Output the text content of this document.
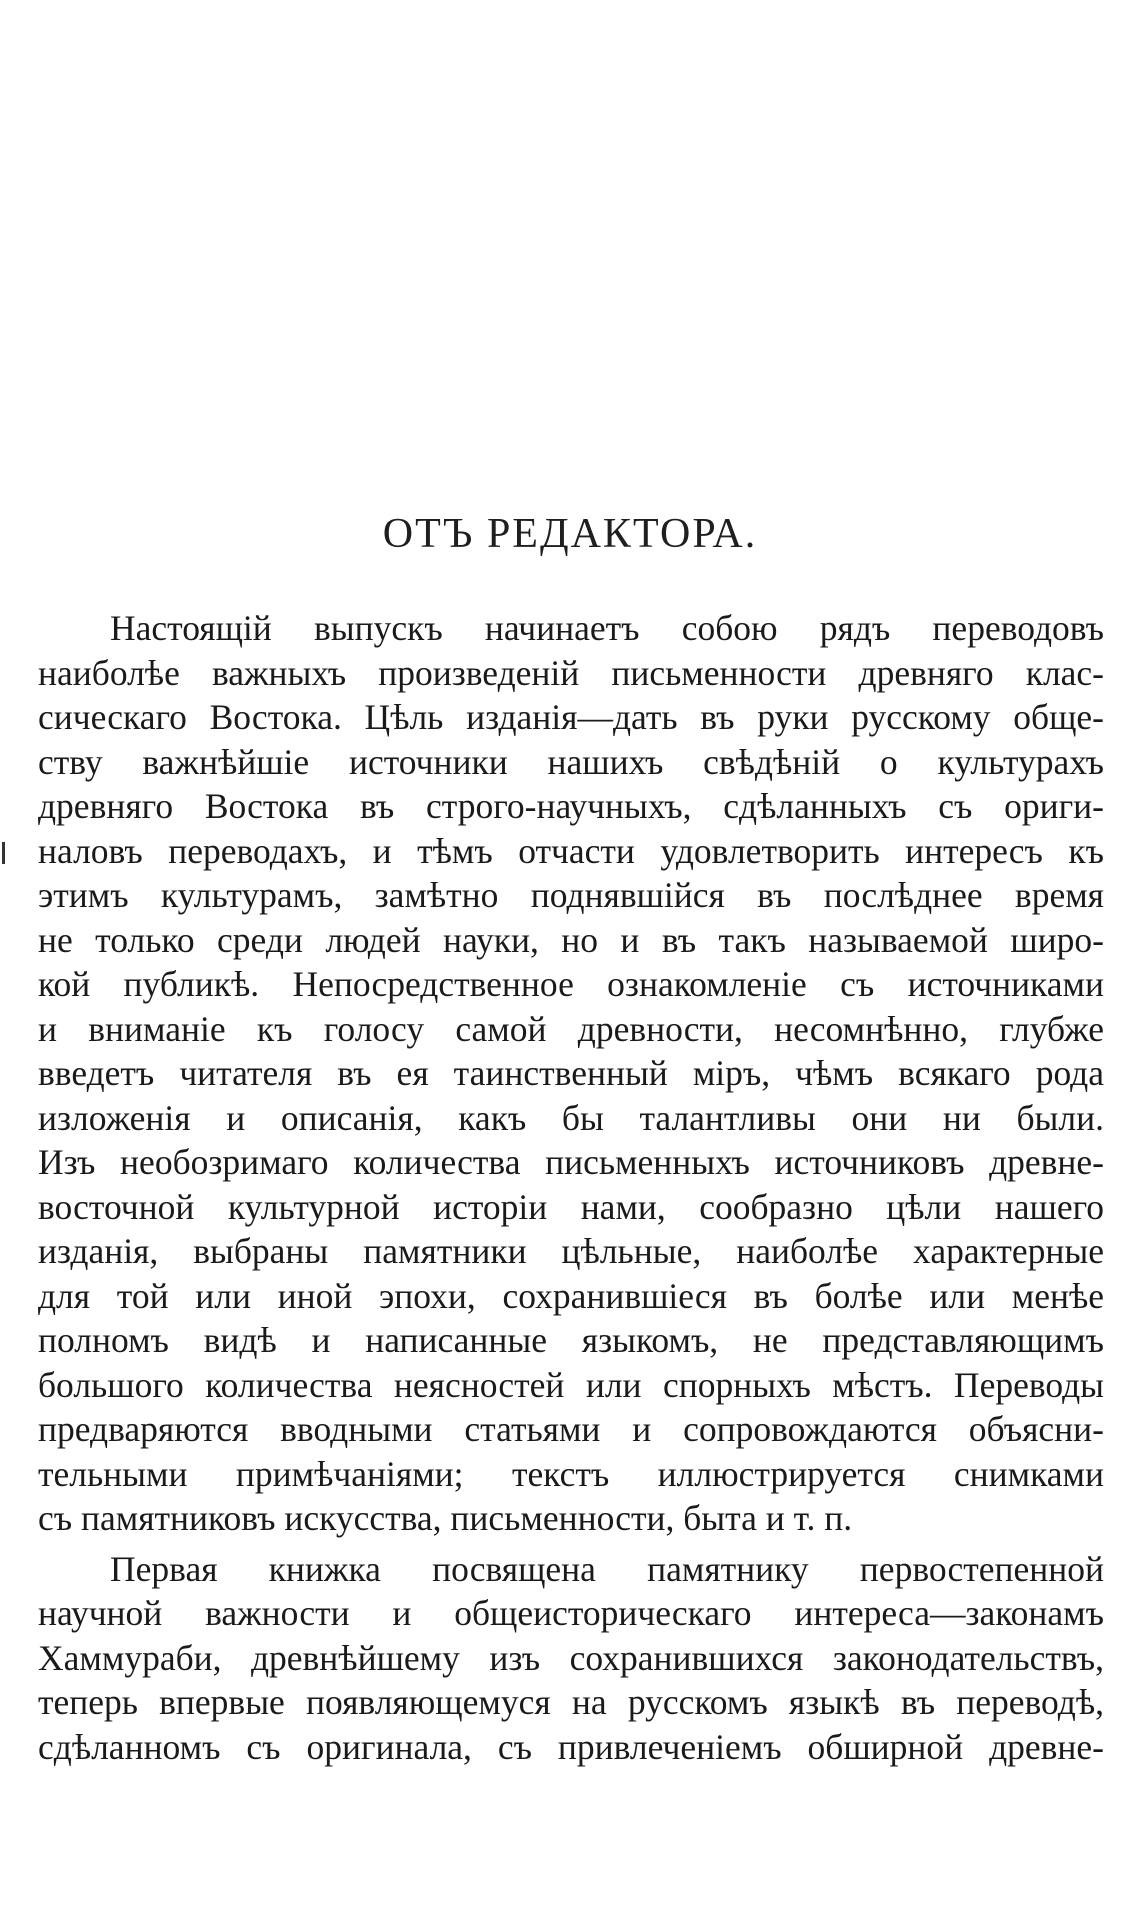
ОТЪ РЕДАКТОРА.
Настоящій выпускъ начинаетъ собою рядъ переводовъ
наиболѣе важныхъ произведеній письменности древняго клас-
сическаго Востока. Цѣль изданія—дать въ руки русскому обще-
ству важнѣйшіе источники нашихъ свѣдѣній о культурахъ
древняго Востока въ строго-научныхъ, сдѣланныхъ съ ориги-
наловъ переводахъ, и тѣмъ отчасти удовлетворить интересъ къ
этимъ культурамъ, замѣтно поднявшійся въ послѣднее время
не только среди людей науки, но и въ такъ называемой широ-
кой публикѣ. Непосредственное ознакомленіе съ источниками
и вниманіе къ голосу самой древности, несомнѣнно, глубже
введетъ читателя въ ея таинственный міръ, чѣмъ всякаго рода
изложенія и описанія, какъ бы талантливы они ни были.
Изъ необозримаго количества письменныхъ источниковъ древне-
восточной культурной исторіи нами, сообразно цѣли нашего
изданія, выбраны памятники цѣльные, наиболѣе характерные
для той или иной эпохи, сохранившіеся въ болѣе или менѣе
полномъ видѣ и написанные языкомъ, не представляющимъ
большого количества неясностей или спорныхъ мѣстъ. Переводы
предваряются вводными статьями и сопровождаются объясни-
тельными примѣчаніями; текстъ иллюстрируется снимками
съ памятниковъ искусства, письменности, быта и т. п.
Первая книжка посвящена памятнику первостепенной
научной важности и общеисторическаго интереса—законамъ
Хаммураби, древнѣйшему изъ сохранившихся законодательствъ,
теперь впервые появляющемуся на русскомъ языкѣ въ переводѣ,
сдѣланномъ съ оригинала, съ привлеченіемъ обширной древне-
